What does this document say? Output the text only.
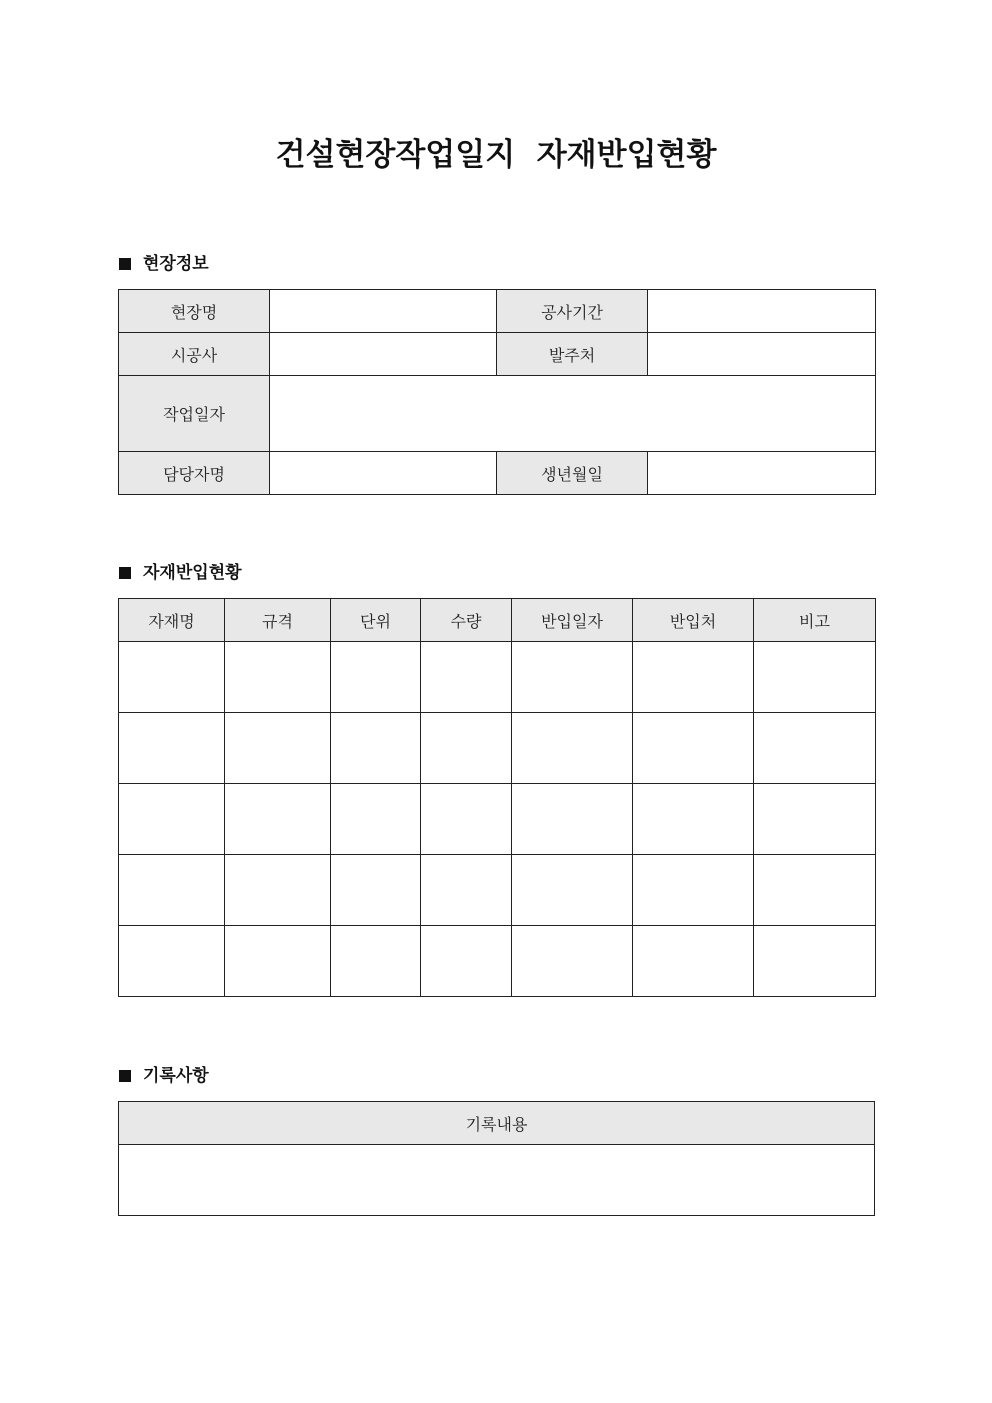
건설현장작업일지  자재반입현황
현장정보
현장명		공사기간	
시공사		발주처	
작업일자			
담당자명		생년월일	
자재반입현황
자재명	규격	단위	수량	반입일자	반입처	비고

기록사항
기록내용
